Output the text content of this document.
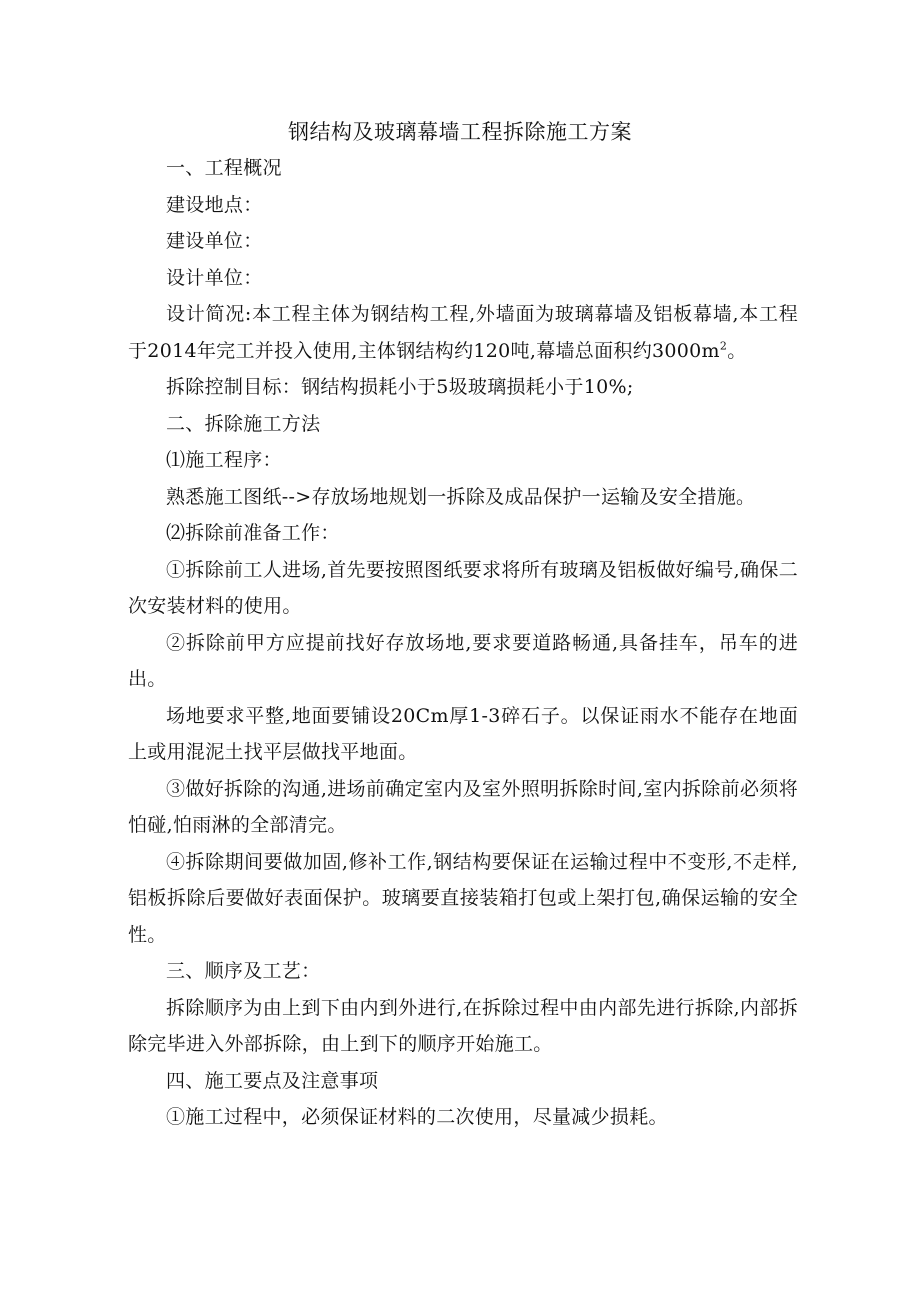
钢结构及玻璃幕墙工程拆除施工方案

一、工程概况

建设地点：

建设单位：

设计单位：

设计简况:本工程主体为钢结构工程,外墙面为玻璃幕墙及铝板幕墙,本工程于2014年完工并投入使用,主体钢结构约120吨,幕墙总面积约$3000m^2$。

拆除控制目标：钢结构损耗小于5圾玻璃损耗小于10%;

二、拆除施工方法

⑴施工程序：

熟悉施工图纸-->存放场地规划一拆除及成品保护一运输及安全措施。

⑵拆除前准备工作：

①拆除前工人进场,首先要按照图纸要求将所有玻璃及铝板做好编号,确保二次安装材料的使用。

②拆除前甲方应提前找好存放场地,要求要道路畅通,具备挂车，吊车的进出。

场地要求平整,地面要铺设20Cm厚1-3碎石子。以保证雨水不能存在地面上或用混泥土找平层做找平地面。

③做好拆除的沟通,进场前确定室内及室外照明拆除时间,室内拆除前必须将怕碰,怕雨淋的全部清完。

④拆除期间要做加固,修补工作,钢结构要保证在运输过程中不变形,不走样,铝板拆除后要做好表面保护。玻璃要直接装箱打包或上架打包,确保运输的安全性。

三、顺序及工艺：

拆除顺序为由上到下由内到外进行,在拆除过程中由内部先进行拆除,内部拆除完毕进入外部拆除，由上到下的顺序开始施工。

四、施工要点及注意事项

①施工过程中，必须保证材料的二次使用，尽量减少损耗。
